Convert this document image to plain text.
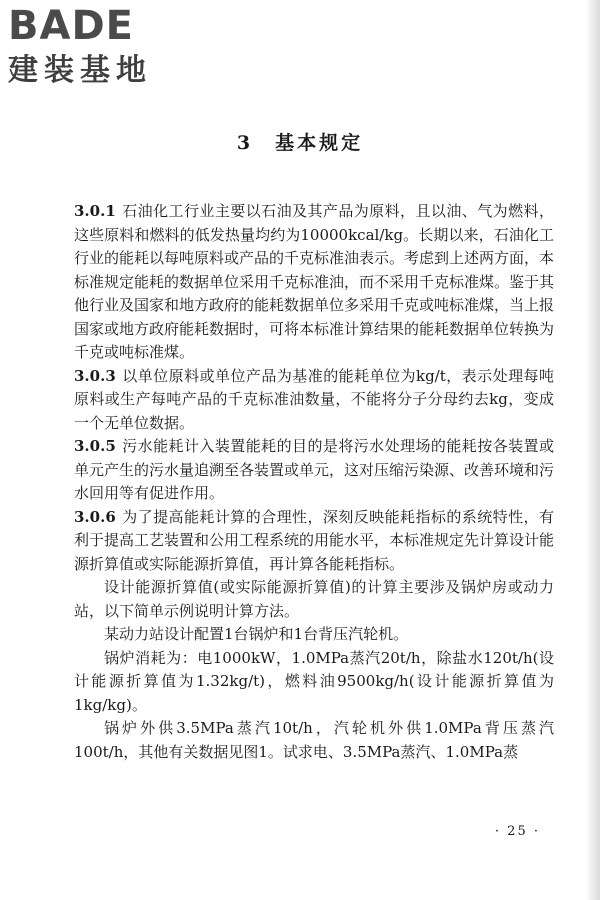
BADE
建装基地
3　基本规定

3.0.1 石油化工行业主要以石油及其产品为原料，且以油、气为燃料，这些原料和燃料的低发热量均约为10000kcal/kg。长期以来，石油化工行业的能耗以每吨原料或产品的千克标准油表示。考虑到上述两方面，本标准规定能耗的数据单位采用千克标准油，而不采用千克标准煤。鉴于其他行业及国家和地方政府的能耗数据单位多采用千克或吨标准煤，当上报国家或地方政府能耗数据时，可将本标准计算结果的能耗数据单位转换为千克或吨标准煤。

3.0.3 以单位原料或单位产品为基准的能耗单位为kg/t，表示处理每吨原料或生产每吨产品的千克标准油数量，不能将分子分母约去kg，变成一个无单位数据。

3.0.5 污水能耗计入装置能耗的目的是将污水处理场的能耗按各装置或单元产生的污水量追溯至各装置或单元，这对压缩污染源、改善环境和污水回用等有促进作用。

3.0.6 为了提高能耗计算的合理性，深刻反映能耗指标的系统特性，有利于提高工艺装置和公用工程系统的用能水平，本标准规定先计算设计能源折算值或实际能源折算值，再计算各能耗指标。

设计能源折算值(或实际能源折算值)的计算主要涉及锅炉房或动力站，以下简单示例说明计算方法。

某动力站设计配置1台锅炉和1台背压汽轮机。

锅炉消耗为：电1000kW，1.0MPa蒸汽20t/h，除盐水120t/h(设计能源折算值为1.32kg/t)，燃料油9500kg/h(设计能源折算值为1kg/kg)。

锅炉外供3.5MPa蒸汽10t/h，汽轮机外供1.0MPa背压蒸汽100t/h，其他有关数据见图1。试求电、3.5MPa蒸汽、1.0MPa蒸

· 25 ·
